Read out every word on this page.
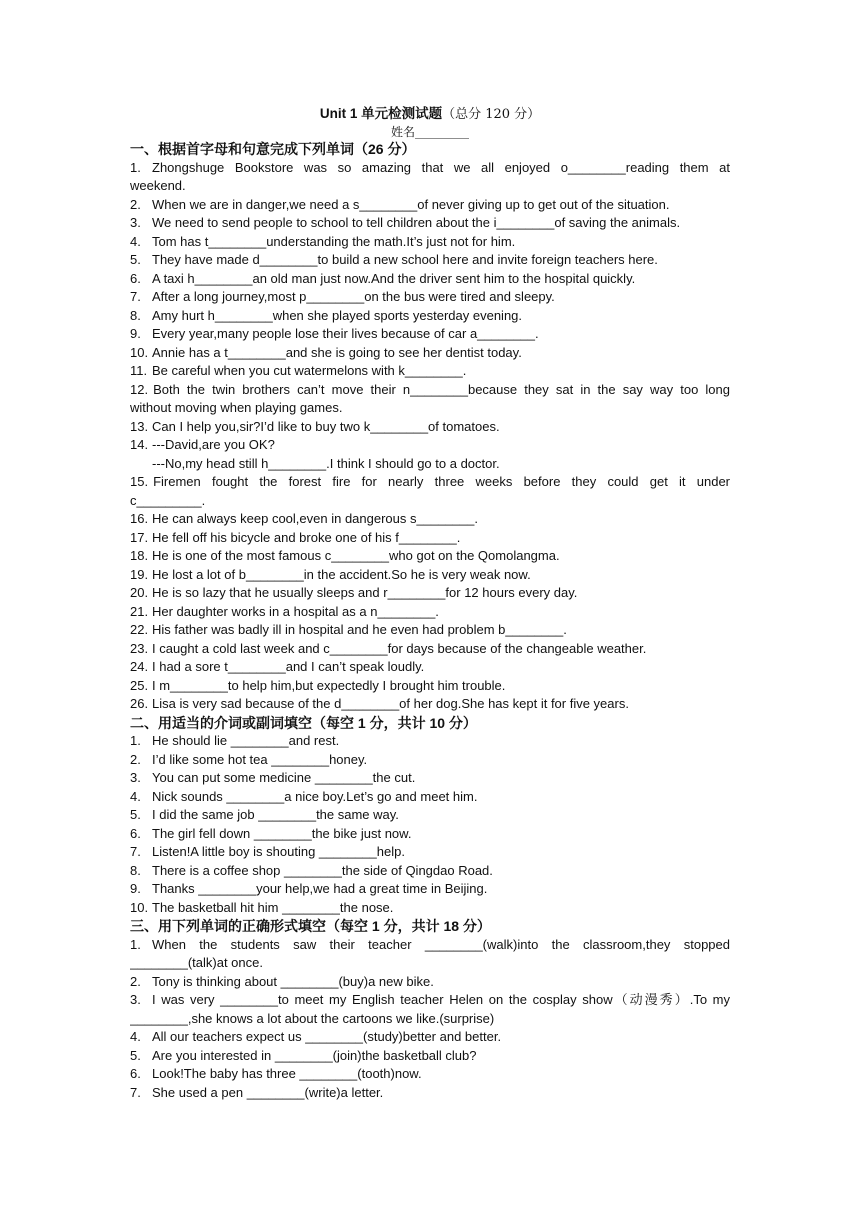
Unit 1 单元检测试题（总分 120 分）
姓名_________
一、根据首字母和句意完成下列单词（26 分）
1. Zhongshuge Bookstore was so amazing that we all enjoyed o________reading them at
weekend.
2. When we are in danger,we need a s________of never giving up to get out of the situation.
3. We need to send people to school to tell children about the i________of saving the animals.
4. Tom has t________understanding the math.It’s just not for him.
5. They have made d________to build a new school here and invite foreign teachers here.
6. A taxi h________an old man just now.And the driver sent him to the hospital quickly.
7. After a long journey,most p________on the bus were tired and sleepy.
8. Amy hurt h________when she played sports yesterday evening.
9. Every year,many people lose their lives because of car a________.
10. Annie has a t________and she is going to see her dentist today.
11. Be careful when you cut watermelons with k________.
12. Both the twin brothers can’t move their n________because they sat in the say way too long
without moving when playing games.
13. Can I help you,sir?I’d like to buy two k________of tomatoes.
14. ---David,are you OK?
---No,my head still h________.I think I should go to a doctor.
15. Firemen fought the forest fire for nearly three weeks before they could get it under
c_________.
16. He can always keep cool,even in dangerous s________.
17. He fell off his bicycle and broke one of his f________.
18. He is one of the most famous c________who got on the Qomolangma.
19. He lost a lot of b________in the accident.So he is very weak now.
20. He is so lazy that he usually sleeps and r________for 12 hours every day.
21. Her daughter works in a hospital as a n________.
22. His father was badly ill in hospital and he even had problem b________.
23. I caught a cold last week and c________for days because of the changeable weather.
24. I had a sore t________and I can’t speak loudly.
25. I m________to help him,but expectedly I brought him trouble.
26. Lisa is very sad because of the d________of her dog.She has kept it for five years.
二、用适当的介词或副词填空（每空 1 分，共计 10 分）
1. He should lie ________and rest.
2. I’d like some hot tea ________honey.
3. You can put some medicine ________the cut.
4. Nick sounds ________a nice boy.Let’s go and meet him.
5. I did the same job ________the same way.
6. The girl fell down ________the bike just now.
7. Listen!A little boy is shouting ________help.
8. There is a coffee shop ________the side of Qingdao Road.
9. Thanks ________your help,we had a great time in Beijing.
10. The basketball hit him ________the nose.
三、用下列单词的正确形式填空（每空 1 分，共计 18 分）
1. When the students saw their teacher ________(walk)into the classroom,they stopped
________(talk)at once.
2. Tony is thinking about ________(buy)a new bike.
3. I was very ________to meet my English teacher Helen on the cosplay show（动漫秀）.To my
________,she knows a lot about the cartoons we like.(surprise)
4. All our teachers expect us ________(study)better and better.
5. Are you interested in ________(join)the basketball club?
6. Look!The baby has three ________(tooth)now.
7. She used a pen ________(write)a letter.
